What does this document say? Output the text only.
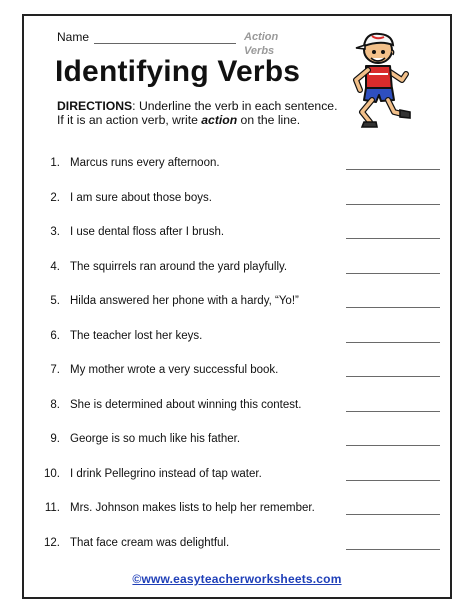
Name	Action Verbs
Identifying Verbs
DIRECTIONS: Underline the verb in each sentence.
If it is an action verb, write action on the line.
1. Marcus runs every afternoon.
2. I am sure about those boys.
3. I use dental floss after I brush.
4. The squirrels ran around the yard playfully.
5. Hilda answered her phone with a hardy, “Yo!”
6. The teacher lost her keys.
7. My mother wrote a very successful book.
8. She is determined about winning this contest.
9. George is so much like his father.
10. I drink Pellegrino instead of tap water.
11. Mrs. Johnson makes lists to help her remember.
12. That face cream was delightful.
©www.easyteacherworksheets.com
